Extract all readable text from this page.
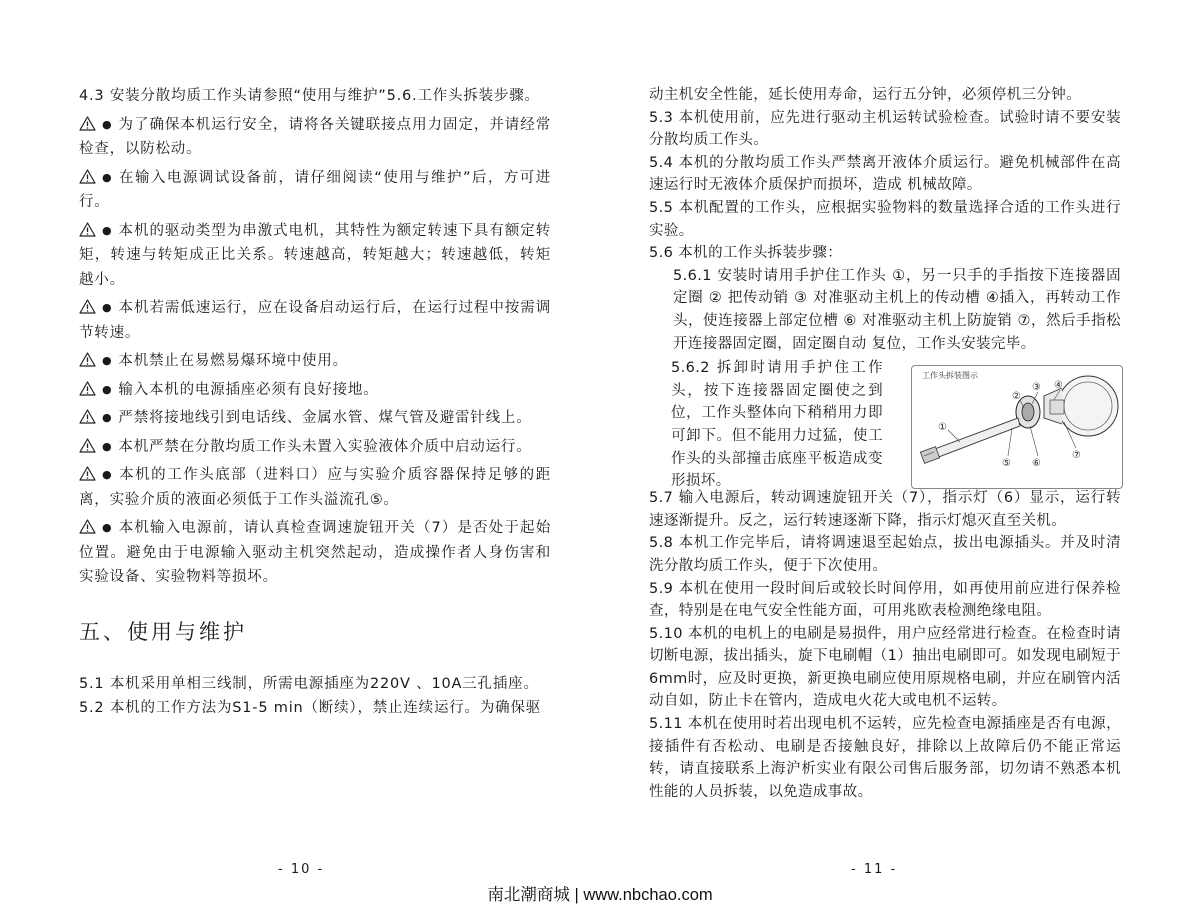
4.3 安装分散均质工作头请参照“使用与维护”5.6.工作头拆装步骤。

● 为了确保本机运行安全，请将各关键联接点用力固定，并请经常检查，以防松动。

● 在输入电源调试设备前，请仔细阅读“使用与维护”后，方可进行。

● 本机的驱动类型为串激式电机，其特性为额定转速下具有额定转矩，转速与转矩成正比关系。转速越高，转矩越大；转速越低，转矩越小。

● 本机若需低速运行，应在设备启动运行后，在运行过程中按需调节转速。

● 本机禁止在易燃易爆环境中使用。

● 输入本机的电源插座必须有良好接地。

● 严禁将接地线引到电话线、金属水管、煤气管及避雷针线上。

● 本机严禁在分散均质工作头未置入实验液体介质中启动运行。

● 本机的工作头底部（进料口）应与实验介质容器保持足够的距离，实验介质的液面必须低于工作头溢流孔⑤。

● 本机输入电源前，请认真检查调速旋钮开关（7）是否处于起始位置。避免由于电源输入驱动主机突然起动，造成操作者人身伤害和实验设备、实验物料等损坏。

五、使用与维护

5.1 本机采用单相三线制，所需电源插座为220V 、10A三孔插座。

5.2 本机的工作方法为S1-5 min（断续），禁止连续运行。为确保驱

动主机安全性能，延长使用寿命，运行五分钟，必须停机三分钟。

5.3 本机使用前，应先进行驱动主机运转试验检查。试验时请不要安装分散均质工作头。

5.4 本机的分散均质工作头严禁离开液体介质运行。避免机械部件在高速运行时无液体介质保护而损坏，造成 机械故障。

5.5 本机配置的工作头，应根据实验物料的数量选择合适的工作头进行实验。

5.6 本机的工作头拆装步骤：

5.6.1 安装时请用手护住工作头 ①，另一只手的手指按下连接器固定圈 ② 把传动销 ③ 对准驱动主机上的传动槽 ④插入，再转动工作头，使连接器上部定位槽 ⑥ 对准驱动主机上防旋销 ⑦，然后手指松开连接器固定圈，固定圈自动 复位，工作头安装完毕。

5.6.2 拆卸时请用手护住工作头，按下连接器固定圈使之到位，工作头整体向下稍稍用力即可卸下。但不能用力过猛，使工作头的头部撞击底座平板造成变形损坏。

①
②
③ ④
⑤ ⑥
⑦
工作头拆装图示

5.7 输入电源后，转动调速旋钮开关（7），指示灯（6）显示，运行转速逐渐提升。反之，运行转速逐渐下降，指示灯熄灭直至关机。

5.8 本机工作完毕后，请将调速退至起始点，拔出电源插头。并及时清洗分散均质工作头，便于下次使用。

5.9 本机在使用一段时间后或较长时间停用，如再使用前应进行保养检查，特别是在电气安全性能方面，可用兆欧表检测绝缘电阻。

5.10 本机的电机上的电刷是易损件，用户应经常进行检查。在检查时请切断电源，拔出插头，旋下电刷帽（1）抽出电刷即可。如发现电刷短于6mm时，应及时更换，新更换电刷应使用原规格电刷，并应在刷管内活动自如，防止卡在管内，造成电火花大或电机不运转。

5.11 本机在使用时若出现电机不运转，应先检查电源插座是否有电源，接插件有否松动、电刷是否接触良好，排除以上故障后仍不能正常运转，请直接联系上海沪析实业有限公司售后服务部，切勿请不熟悉本机性能的人员拆装，以免造成事故。

- 10 -	- 11 -
南北潮商城 | www.nbchao.com
